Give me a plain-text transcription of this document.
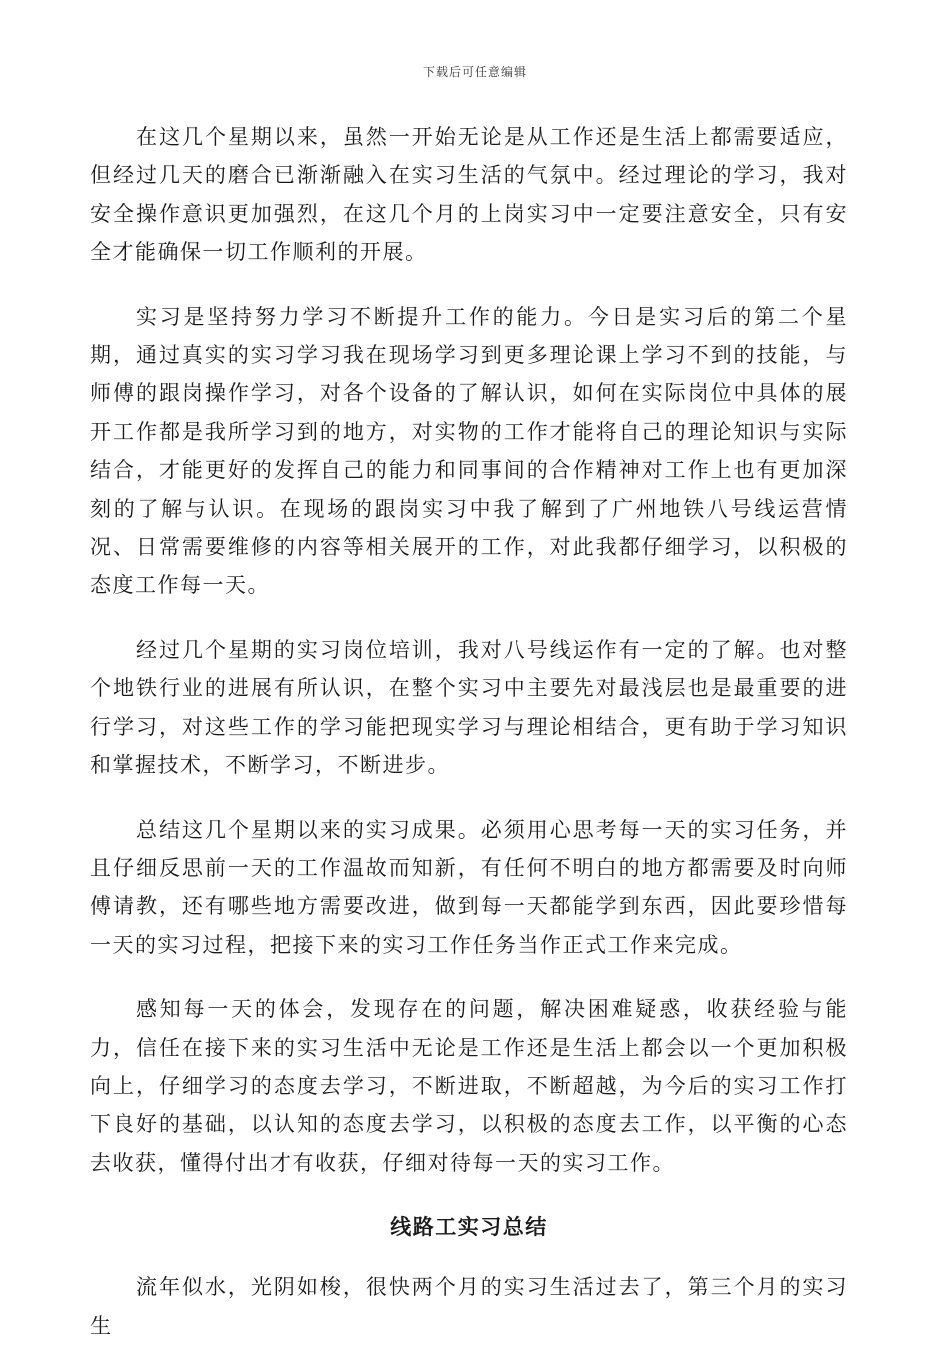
下载后可任意编辑

在这几个星期以来，虽然一开始无论是从工作还是生活上都需要适应，但经过几天的磨合已渐渐融入在实习生活的气氛中。经过理论的学习，我对安全操作意识更加强烈，在这几个月的上岗实习中一定要注意安全，只有安全才能确保一切工作顺利的开展。

实习是坚持努力学习不断提升工作的能力。今日是实习后的第二个星期，通过真实的实习学习我在现场学习到更多理论课上学习不到的技能，与师傅的跟岗操作学习，对各个设备的了解认识，如何在实际岗位中具体的展开工作都是我所学习到的地方，对实物的工作才能将自己的理论知识与实际结合，才能更好的发挥自己的能力和同事间的合作精神对工作上也有更加深刻的了解与认识。在现场的跟岗实习中我了解到了广州地铁八号线运营情况、日常需要维修的内容等相关展开的工作，对此我都仔细学习，以积极的态度工作每一天。

经过几个星期的实习岗位培训，我对八号线运作有一定的了解。也对整个地铁行业的进展有所认识，在整个实习中主要先对最浅层也是最重要的进行学习，对这些工作的学习能把现实学习与理论相结合，更有助于学习知识和掌握技术，不断学习，不断进步。

总结这几个星期以来的实习成果。必须用心思考每一天的实习任务，并且仔细反思前一天的工作温故而知新，有任何不明白的地方都需要及时向师傅请教，还有哪些地方需要改进，做到每一天都能学到东西，因此要珍惜每一天的实习过程，把接下来的实习工作任务当作正式工作来完成。

感知每一天的体会，发现存在的问题，解决困难疑惑，收获经验与能力，信任在接下来的实习生活中无论是工作还是生活上都会以一个更加积极向上，仔细学习的态度去学习，不断进取，不断超越，为今后的实习工作打下良好的基础，以认知的态度去学习，以积极的态度去工作，以平衡的心态去收获，懂得付出才有收获，仔细对待每一天的实习工作。

线路工实习总结

流年似水，光阴如梭，很快两个月的实习生活过去了，第三个月的实习生
